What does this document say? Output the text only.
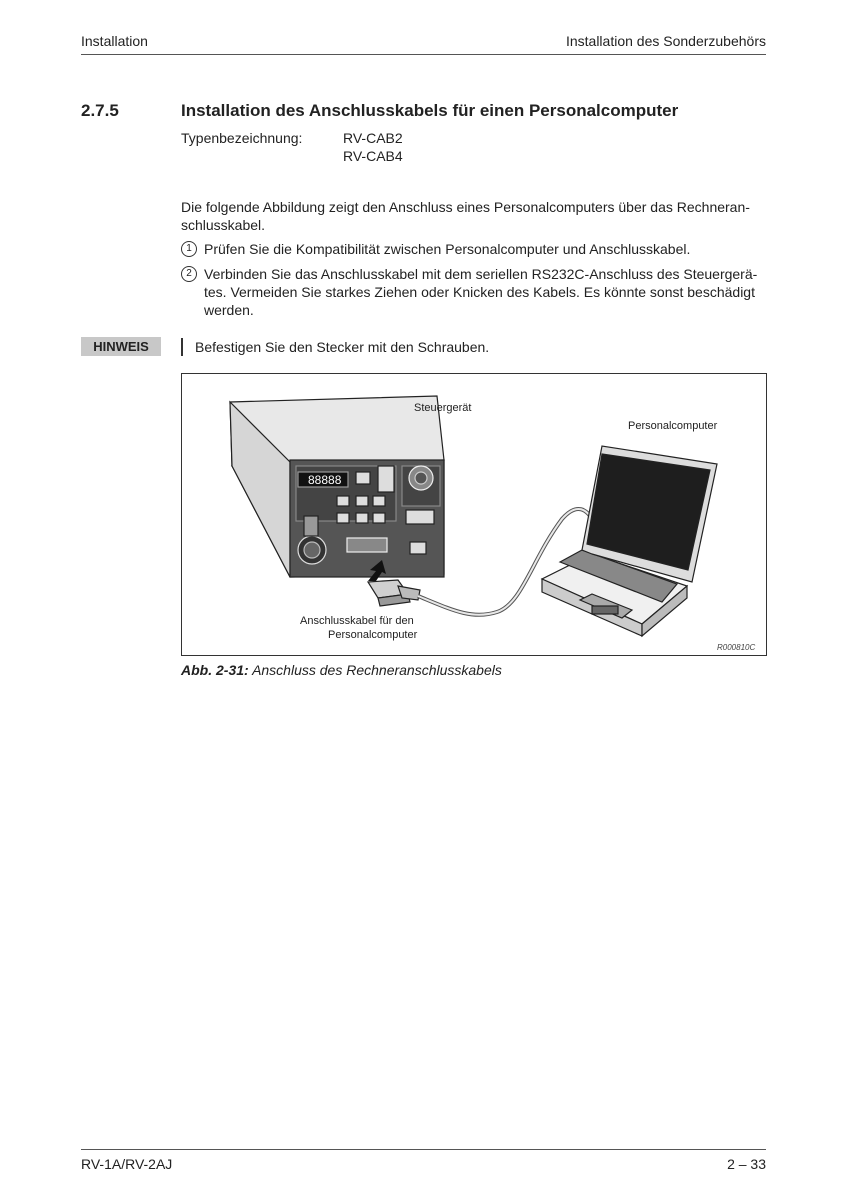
Installation	Installation des Sonderzubehörs
2.7.5	Installation des Anschlusskabels für einen Personalcomputer
Typenbezeichnung:	RV-CAB2
RV-CAB4
Die folgende Abbildung zeigt den Anschluss eines Personalcomputers über das Rechneran-
schlusskabel.
1 Prüfen Sie die Kompatibilität zwischen Personalcomputer und Anschlusskabel.
2 Verbinden Sie das Anschlusskabel mit dem seriellen RS232C-Anschluss des Steuergerä-
tes. Vermeiden Sie starkes Ziehen oder Knicken des Kabels. Es könnte sonst beschädigt
werden.
HINWEIS	Befestigen Sie den Stecker mit den Schrauben.
88888
Steuergerät
Personalcomputer
Anschlusskabel für den
Personalcomputer
R000810C
Abb. 2-31: Anschluss des Rechneranschlusskabels
RV-1A/RV-2AJ	2 – 33
